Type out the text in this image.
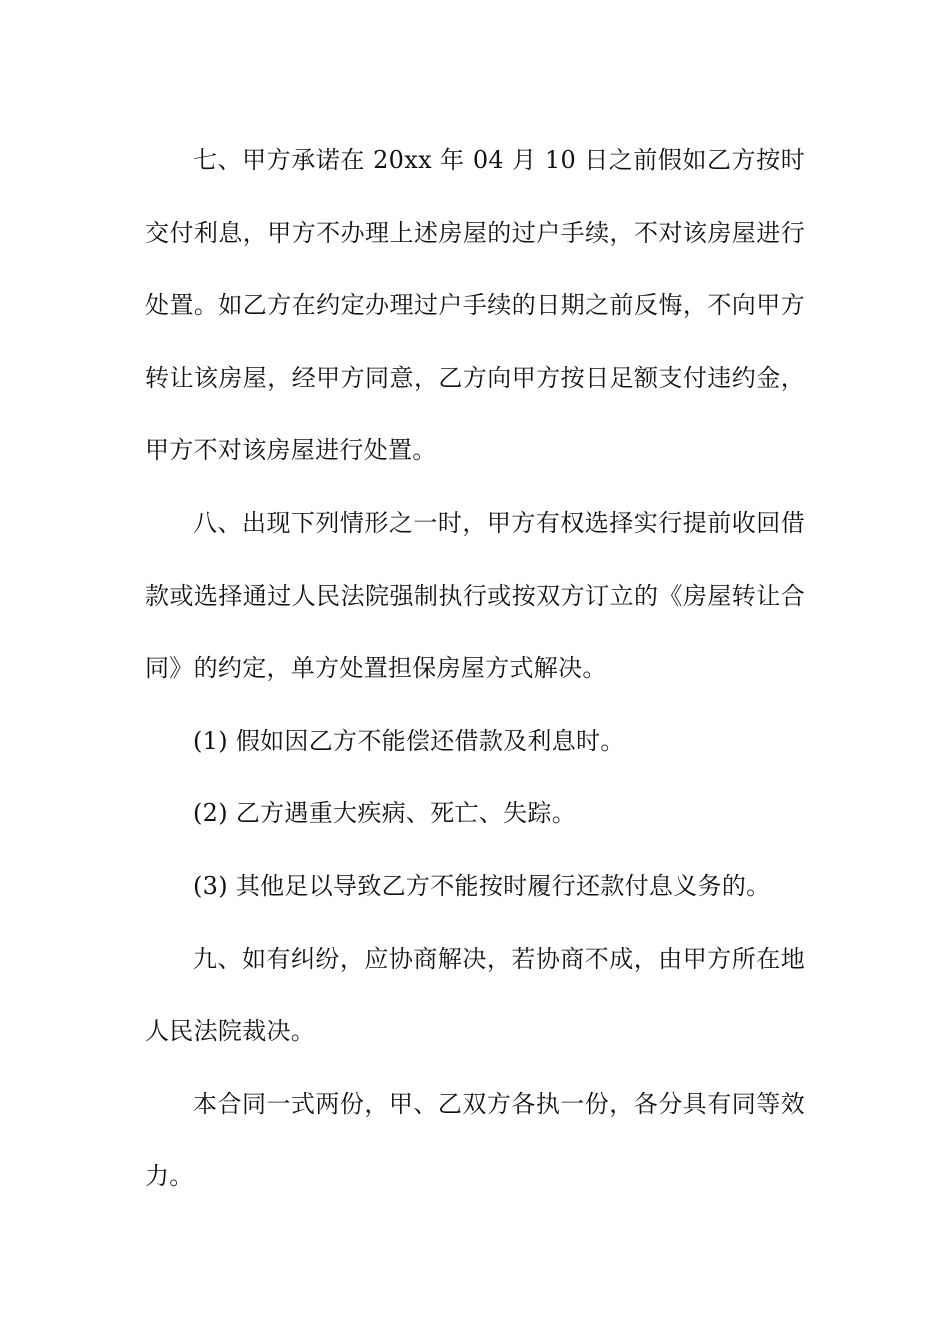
七、甲方承诺在 20xx 年 04 月 10 日之前假如乙方按时交付利息，甲方不办理上述房屋的过户手续，不对该房屋进行处置。如乙方在约定办理过户手续的日期之前反悔，不向甲方转让该房屋，经甲方同意，乙方向甲方按日足额支付违约金，甲方不对该房屋进行处置。

八、出现下列情形之一时，甲方有权选择实行提前收回借款或选择通过人民法院强制执行或按双方订立的《房屋转让合同》的约定，单方处置担保房屋方式解决。

(1) 假如因乙方不能偿还借款及利息时。

(2) 乙方遇重大疾病、死亡、失踪。

(3) 其他足以导致乙方不能按时履行还款付息义务的。

九、如有纠纷，应协商解决，若协商不成，由甲方所在地人民法院裁决。

本合同一式两份，甲、乙双方各执一份，各分具有同等效力。
